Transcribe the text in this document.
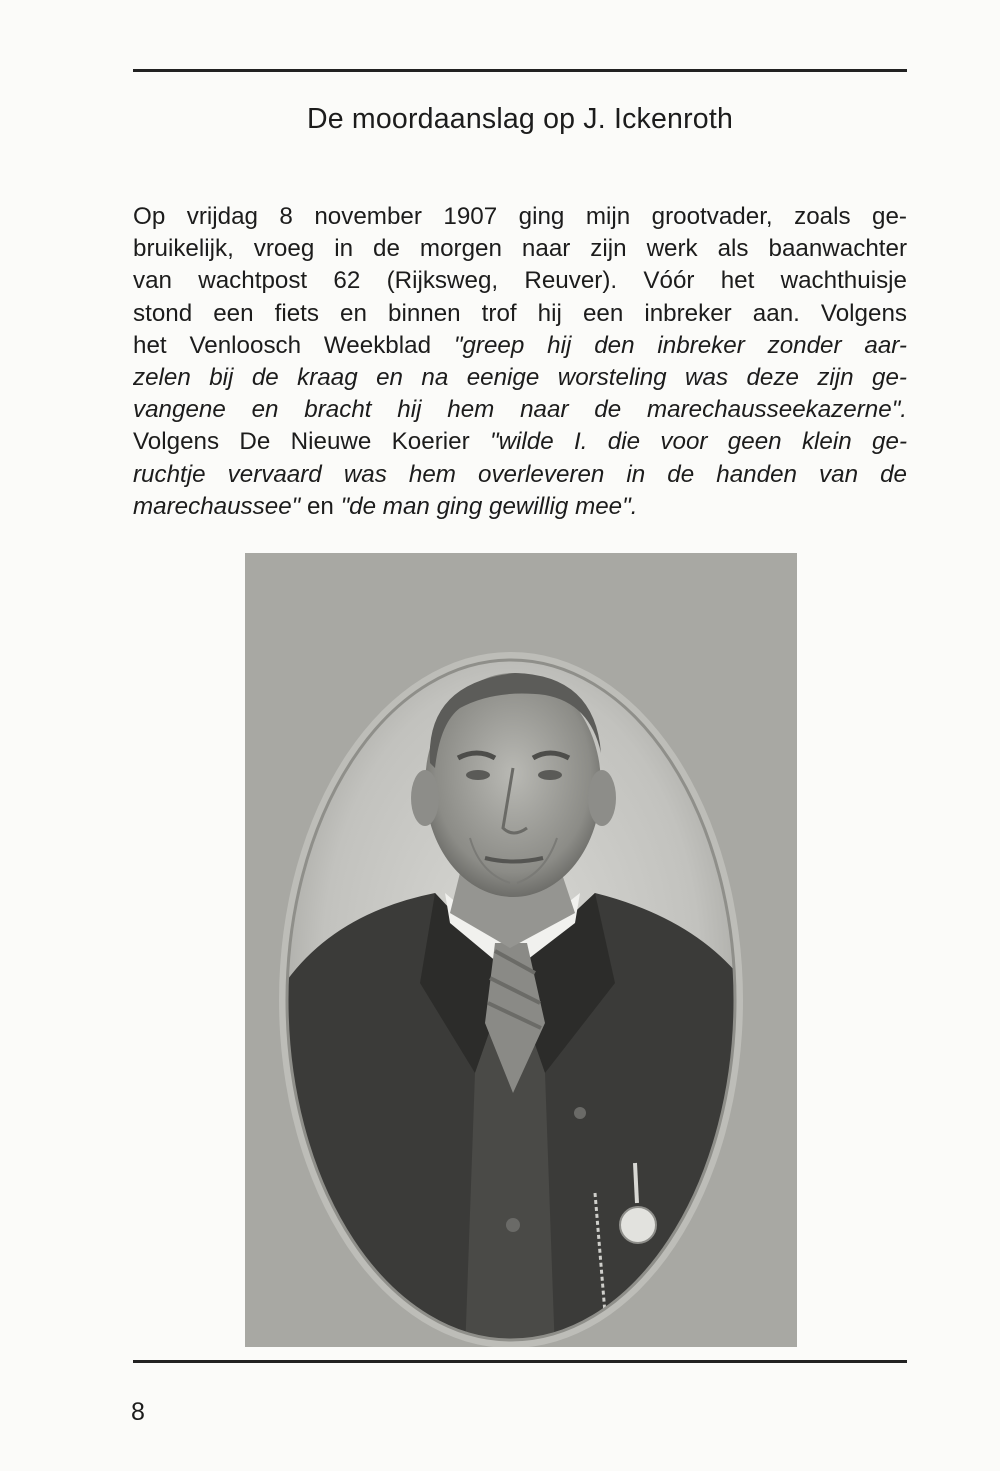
De moordaanslag op J. Ickenroth
Op vrijdag 8 november 1907 ging mijn grootvader, zoals ge-
bruikelijk, vroeg in de morgen naar zijn werk als baanwachter
van wachtpost 62 (Rijksweg, Reuver). Vóór het wachthuisje
stond een fiets en binnen trof hij een inbreker aan. Volgens
het Venloosch Weekblad "greep hij den inbreker zonder aar-
zelen bij de kraag en na eenige worsteling was deze zijn ge-
vangene en bracht hij hem naar de marechausseekazerne".
Volgens De Nieuwe Koerier "wilde I. die voor geen klein ge-
ruchtje vervaard was hem overleveren in de handen van de
marechaussee" en "de man ging gewillig mee".
8
